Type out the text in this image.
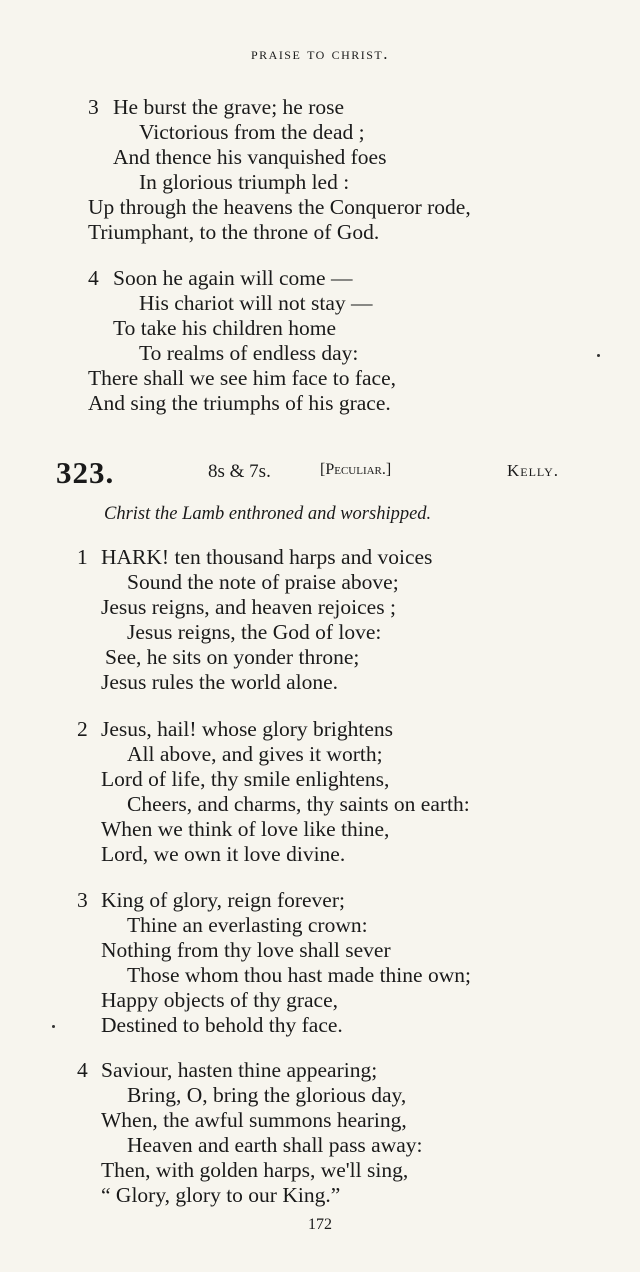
praise to christ.
3 He burst the grave; he rose
Victorious from the dead ;
And thence his vanquished foes
In glorious triumph led :
Up through the heavens the Conqueror rode,
Triumphant, to the throne of God.
4 Soon he again will come —
His chariot will not stay —
To take his children home
To realms of endless day:
There shall we see him face to face,
And sing the triumphs of his grace.
323.	8s & 7s.	[Peculiar.]	Kelly.
Christ the Lamb enthroned and worshipped.
1 HARK! ten thousand harps and voices
Sound the note of praise above;
Jesus reigns, and heaven rejoices ;
Jesus reigns, the God of love:
See, he sits on yonder throne;
Jesus rules the world alone.
2 Jesus, hail! whose glory brightens
All above, and gives it worth;
Lord of life, thy smile enlightens,
Cheers, and charms, thy saints on earth:
When we think of love like thine,
Lord, we own it love divine.
3 King of glory, reign forever;
Thine an everlasting crown:
Nothing from thy love shall sever
Those whom thou hast made thine own;
Happy objects of thy grace,
Destined to behold thy face.
4 Saviour, hasten thine appearing;
Bring, O, bring the glorious day,
When, the awful summons hearing,
Heaven and earth shall pass away:
Then, with golden harps, we'll sing,
“ Glory, glory to our King.”
172
